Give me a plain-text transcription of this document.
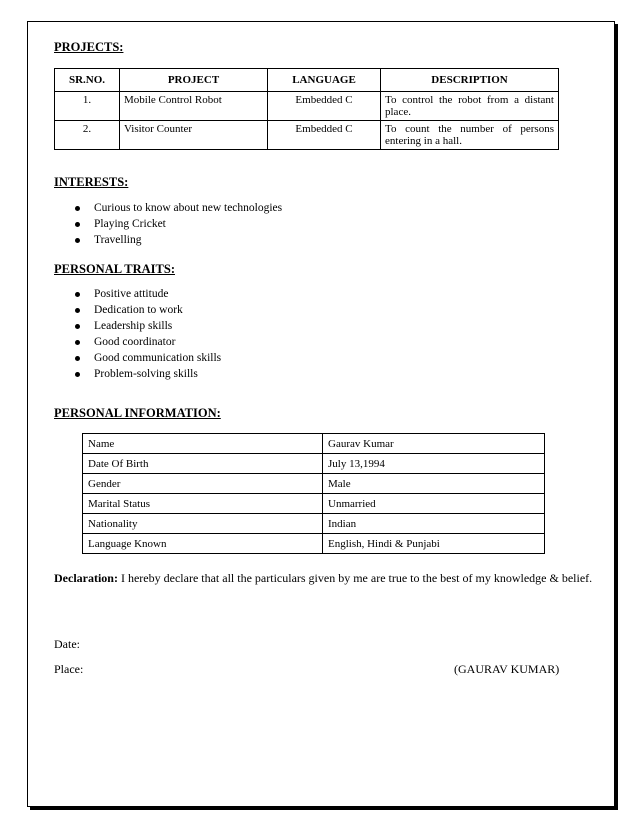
PROJECTS:

SR.NO.	PROJECT	LANGUAGE	DESCRIPTION
1.	Mobile Control Robot	Embedded C	To control the robot from a distant place.
2.	Visitor Counter	Embedded C	To count the number of persons entering in a hall.

INTERESTS:

Curious to know about new technologies
Playing Cricket
Travelling

PERSONAL TRAITS:

Positive attitude
Dedication to work
Leadership skills
Good coordinator
Good communication skills
Problem-solving skills

PERSONAL INFORMATION:

Name	Gaurav Kumar
Date Of Birth	July 13,1994
Gender	Male
Marital Status	Unmarried
Nationality	Indian
Language Known	English, Hindi & Punjabi
Declaration: I hereby declare that all the particulars given by me are true to the best of my knowledge & belief.
Date:
Place:	(GAURAV KUMAR)
